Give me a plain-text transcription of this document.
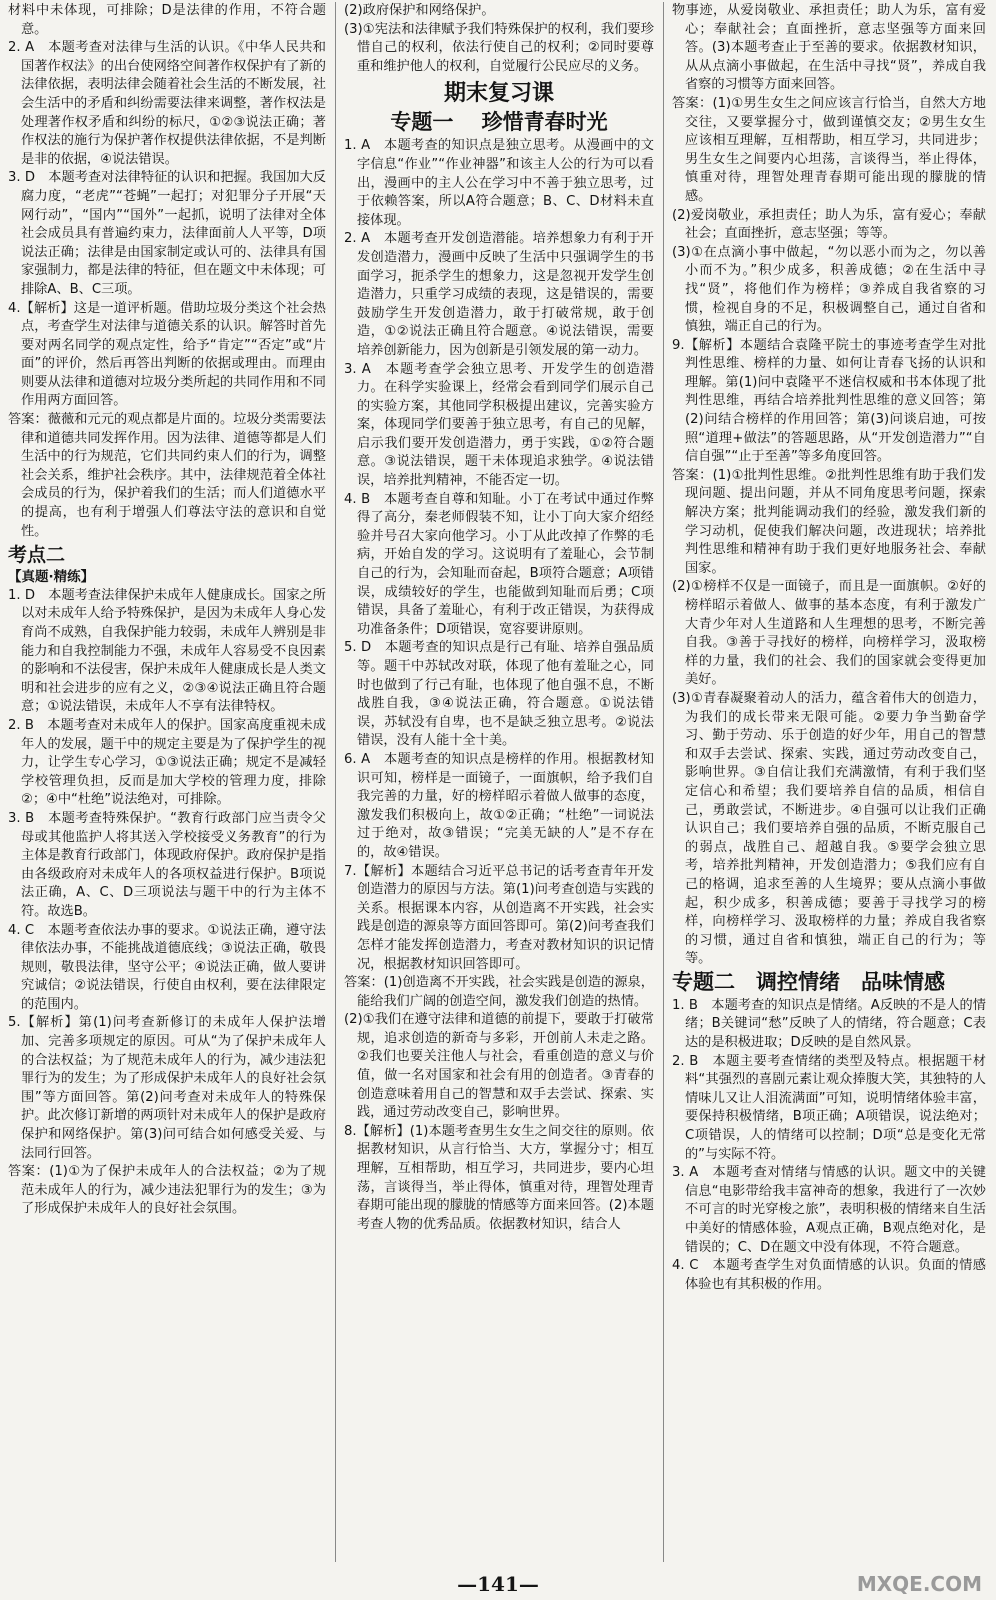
材料中未体现，可排除；D是法律的作用，不符合题意。

2. A　本题考查对法律与生活的认识。《中华人民共和国著作权法》的出台使网络空间著作权保护有了新的法律依据，表明法律会随着社会生活的不断发展，社会生活中的矛盾和纠纷需要法律来调整，著作权法是处理著作权矛盾和纠纷的标尺，①②③说法正确；著作权法的施行为保护著作权提供法律依据，不是判断是非的依据，④说法错误。

3. D　本题考查对法律特征的认识和把握。我国加大反腐力度，“老虎”“苍蝇”一起打；对犯罪分子开展“天网行动”，“国内”“国外”一起抓，说明了法律对全体社会成员具有普遍约束力，法律面前人人平等，D项说法正确；法律是由国家制定或认可的、法律具有国家强制力，都是法律的特征，但在题文中未体现；可排除A、B、C三项。

4.【解析】这是一道评析题。借助垃圾分类这个社会热点，考查学生对法律与道德关系的认识。解答时首先要对两名同学的观点定性，给予“肯定”“否定”或“片面”的评价，然后再答出判断的依据或理由。而理由则要从法律和道德对垃圾分类所起的共同作用和不同作用两方面回答。

答案：薇薇和元元的观点都是片面的。垃圾分类需要法律和道德共同发挥作用。因为法律、道德等都是人们生活中的行为规范，它们共同约束人们的行为，调整社会关系，维护社会秩序。其中，法律规范着全体社会成员的行为，保护着我们的生活；而人们道德水平的提高，也有利于增强人们尊法守法的意识和自觉性。

考点二

【真题·精练】

1. D　本题考查法律保护未成年人健康成长。国家之所以对未成年人给予特殊保护，是因为未成年人身心发育尚不成熟，自我保护能力较弱，未成年人辨别是非能力和自我控制能力不强，未成年人容易受不良因素的影响和不法侵害，保护未成年人健康成长是人类文明和社会进步的应有之义，②③④说法正确且符合题意；①说法错误，未成年人不享有法律特权。

2. B　本题考查对未成年人的保护。国家高度重视未成年人的发展，题干中的规定主要是为了保护学生的视力，让学生专心学习，①③说法正确；规定不是减轻学校管理负担，反而是加大学校的管理力度，排除②；④中“杜绝”说法绝对，可排除。

3. B　本题考查特殊保护。“教育行政部门应当责令父母或其他监护人将其送入学校接受义务教育”的行为主体是教育行政部门，体现政府保护。政府保护是指由各级政府对未成年人的各项权益进行保护。B项说法正确，A、C、D三项说法与题干中的行为主体不符。故选B。

4. C　本题考查依法办事的要求。①说法正确，遵守法律依法办事，不能挑战道德底线；③说法正确，敬畏规则，敬畏法律，坚守公平；④说法正确，做人要讲究诚信；②说法错误，行使自由权利，要在法律限定的范围内。

5.【解析】第(1)问考查新修订的未成年人保护法增加、完善多项规定的原因。可从“为了保护未成年人的合法权益；为了规范未成年人的行为，减少违法犯罪行为的发生；为了形成保护未成年人的良好社会氛围”等方面回答。第(2)问考查对未成年人的特殊保护。此次修订新增的两项针对未成年人的保护是政府保护和网络保护。第(3)问可结合如何感受关爱、与法同行回答。

答案：(1)①为了保护未成年人的合法权益；②为了规范未成年人的行为，减少违法犯罪行为的发生；③为了形成保护未成年人的良好社会氛围。

(2)政府保护和网络保护。

(3)①宪法和法律赋予我们特殊保护的权利，我们要珍惜自己的权利，依法行使自己的权利；②同时要尊重和维护他人的权利，自觉履行公民应尽的义务。

期末复习课
专题一　 珍惜青春时光

1. A　本题考查的知识点是独立思考。从漫画中的文字信息“作业”“作业神器”和该主人公的行为可以看出，漫画中的主人公在学习中不善于独立思考，过于依赖答案，所以A符合题意；B、C、D材料未直接体现。

2. A　本题考查开发创造潜能。培养想象力有利于开发创造潜力，漫画中反映了生活中只强调学生的书面学习，扼杀学生的想象力，这是忽视开发学生创造潜力，只重学习成绩的表现，这是错误的，需要鼓励学生开发创造潜力，敢于打破常规，敢于创造，①②说法正确且符合题意。④说法错误，需要培养创新能力，因为创新是引领发展的第一动力。

3. A　本题考查学会独立思考、开发学生的创造潜力。在科学实验课上，经常会看到同学们展示自己的实验方案，其他同学积极提出建议，完善实验方案，体现同学们要善于独立思考，有自己的见解，启示我们要开发创造潜力，勇于实践，①②符合题意。③说法错误，题干未体现追求独学。④说法错误，培养批判精神，不能否定一切。

4. B　本题考查自尊和知耻。小丁在考试中通过作弊得了高分，秦老师假装不知，让小丁向大家介绍经验并号召大家向他学习。小丁从此改掉了作弊的毛病，开始自发的学习。这说明有了羞耻心，会节制自己的行为，会知耻而奋起，B项符合题意；A项错误，成绩较好的学生，也能做到知耻而后勇；C项错误，具备了羞耻心，有利于改正错误，为获得成功准备条件；D项错误，宽容要讲原则。

5. D　本题考查的知识点是行己有耻、培养自强品质等。题干中苏轼改对联，体现了他有羞耻之心，同时也做到了行己有耻，也体现了他自强不息，不断战胜自我，③④说法正确，符合题意。①说法错误，苏轼没有自卑，也不是缺乏独立思考。②说法错误，没有人能十全十美。

6. A　本题考查的知识点是榜样的作用。根据教材知识可知，榜样是一面镜子，一面旗帜，给予我们自我完善的力量，好的榜样昭示着做人做事的态度，激发我们积极向上，故①②正确；“杜绝”一词说法过于绝对，故③错误；“完美无缺的人”是不存在的，故④错误。

7.【解析】本题结合习近平总书记的话考查青年开发创造潜力的原因与方法。第(1)问考查创造与实践的关系。根据课本内容，从创造离不开实践，社会实践是创造的源泉等方面回答即可。第(2)问考查我们怎样才能发挥创造潜力，考查对教材知识的识记情况，根据教材知识回答即可。

答案：(1)创造离不开实践，社会实践是创造的源泉，能给我们广阔的创造空间，激发我们创造的热情。

(2)①我们在遵守法律和道德的前提下，要敢于打破常规，追求创造的新奇与多彩，开创前人未走之路。②我们也要关注他人与社会，看重创造的意义与价值，做一名对国家和社会有用的创造者。③青春的创造意味着用自己的智慧和双手去尝试、探索、实践，通过劳动改变自己，影响世界。

8.【解析】(1)本题考查男生女生之间交往的原则。依据教材知识，从言行恰当、大方，掌握分寸；相互理解，互相帮助，相互学习，共同进步，要内心坦荡，言谈得当，举止得体，慎重对待，理智处理青春期可能出现的朦胧的情感等方面来回答。(2)本题考查人物的优秀品质。依据教材知识，结合人

物事迹，从爱岗敬业、承担责任；助人为乐，富有爱心；奉献社会；直面挫折，意志坚强等方面来回答。(3)本题考查止于至善的要求。依据教材知识，从从点滴小事做起，在生活中寻找“贤”，养成自我省察的习惯等方面来回答。

答案：(1)①男生女生之间应该言行恰当，自然大方地交往，又要掌握分寸，做到谨慎交友；②男生女生应该相互理解，互相帮助，相互学习，共同进步；男生女生之间要内心坦荡，言谈得当，举止得体，慎重对待，理智处理青春期可能出现的朦胧的情感。

(2)爱岗敬业，承担责任；助人为乐，富有爱心；奉献社会；直面挫折，意志坚强；等等。

(3)①在点滴小事中做起，“勿以恶小而为之，勿以善小而不为。”积少成多，积善成德；②在生活中寻找“贤”，将他们作为榜样；③养成自我省察的习惯，检视自身的不足，积极调整自己，通过自省和慎独，端正自己的行为。

9.【解析】本题结合袁隆平院士的事迹考查学生对批判性思维、榜样的力量、如何让青春飞扬的认识和理解。第(1)问中袁隆平不迷信权威和书本体现了批判性思维，再结合培养批判性思维的意义回答；第(2)问结合榜样的作用回答；第(3)问谈启迪，可按照“道理+做法”的答题思路，从“开发创造潜力”“自信自强”“止于至善”等多角度回答。

答案：(1)①批判性思维。②批判性思维有助于我们发现问题、提出问题，并从不同角度思考问题，探索解决方案；批判能调动我们的经验，激发我们新的学习动机，促使我们解决问题，改进现状；培养批判性思维和精神有助于我们更好地服务社会、奉献国家。

(2)①榜样不仅是一面镜子，而且是一面旗帜。②好的榜样昭示着做人、做事的基本态度，有利于激发广大青少年对人生道路和人生理想的思考，不断完善自我。③善于寻找好的榜样，向榜样学习，汲取榜样的力量，我们的社会、我们的国家就会变得更加美好。

(3)①青春凝聚着动人的活力，蕴含着伟大的创造力，为我们的成长带来无限可能。②要力争当勤奋学习、勤于劳动、乐于创造的好少年，用自己的智慧和双手去尝试、探索、实践，通过劳动改变自己，影响世界。③自信让我们充满激情，有利于我们坚定信心和希望；我们要培养自信的品质，相信自己，勇敢尝试，不断进步。④自强可以让我们正确认识自己；我们要培养自强的品质，不断克服自己的弱点，战胜自己、超越自我。⑤要学会独立思考，培养批判精神，开发创造潜力；⑤我们应有自己的格调，追求至善的人生境界；要从点滴小事做起，积少成多，积善成德；要善于寻找学习的榜样，向榜样学习、汲取榜样的力量；养成自我省察的习惯，通过自省和慎独，端正自己的行为；等等。

专题二　调控情绪　品味情感

1. B　本题考查的知识点是情绪。A反映的不是人的情绪；B关键词“愁”反映了人的情绪，符合题意；C表达的是积极进取；D反映的是自然风景。

2. B　本题主要考查情绪的类型及特点。根据题干材料“其强烈的喜剧元素让观众捧腹大笑，其独特的人情味儿又让人泪流满面”可知，说明情绪体验丰富，要保持积极情绪，B项正确；A项错误，说法绝对；C项错误，人的情绪可以控制；D项“总是变化无常的”与实际不符。

3. A　本题考查对情绪与情感的认识。题文中的关键信息“电影带给我丰富神奇的想象，我进行了一次妙不可言的时光穿梭之旅”，表明积极的情绪来自生活中美好的情感体验，A观点正确，B观点绝对化，是错误的；C、D在题文中没有体现，不符合题意。

4. C　本题考查学生对负面情感的认识。负面的情感体验也有其积极的作用。

—141—	MXQE.COM
